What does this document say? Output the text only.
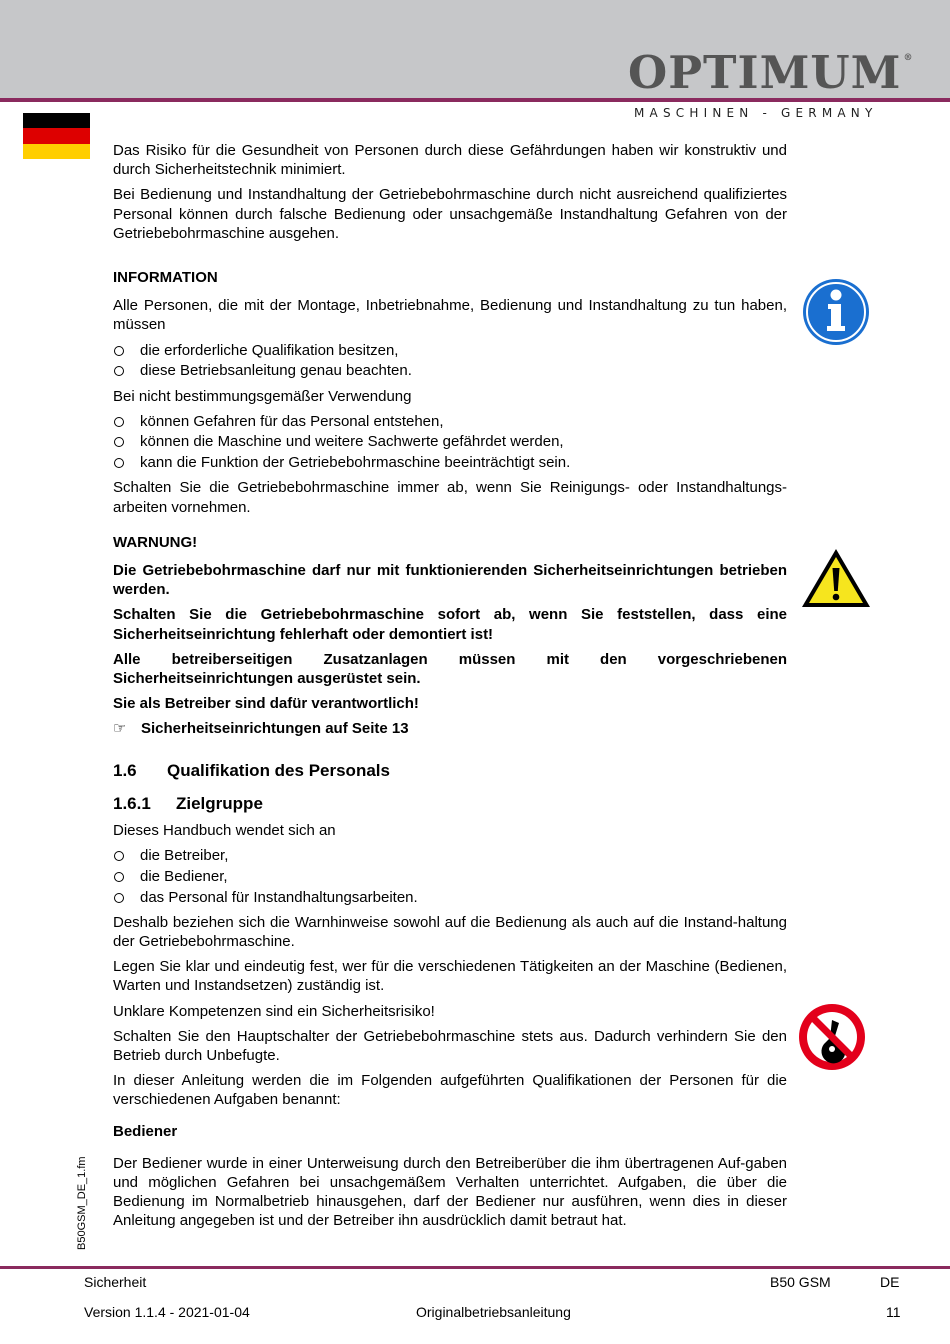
OPTIMUM ®
MASCHINEN - GERMANY

Das Risiko für die Gesundheit von Personen durch diese Gefährdungen haben wir konstruktiv und durch Sicherheitstechnik minimiert.

Bei Bedienung und Instandhaltung der Getriebebohrmaschine durch nicht ausreichend qualifiziertes Personal können durch falsche Bedienung oder unsachgemäße Instandhaltung Gefahren von der Getriebebohrmaschine ausgehen.

INFORMATION

Alle Personen, die mit der Montage, Inbetriebnahme, Bedienung und Instandhaltung zu tun haben, müssen

die erforderliche Qualifikation besitzen,
diese Betriebsanleitung genau beachten.

Bei nicht bestimmungsgemäßer Verwendung

können Gefahren für das Personal entstehen,
können die Maschine und weitere Sachwerte gefährdet werden,
kann die Funktion der Getriebebohrmaschine beeinträchtigt sein.

Schalten Sie die Getriebebohrmaschine immer ab, wenn Sie Reinigungs- oder Instandhaltungs-arbeiten vornehmen.

WARNUNG!

Die Getriebebohrmaschine darf nur mit funktionierenden Sicherheitseinrichtungen betrieben werden.

Schalten Sie die Getriebebohrmaschine sofort ab, wenn Sie feststellen, dass eine Sicherheitseinrichtung fehlerhaft oder demontiert ist!

Alle betreiberseitigen Zusatzanlagen müssen mit den vorgeschriebenen Sicherheitseinrichtungen ausgerüstet sein.

Sie als Betreiber sind dafür verantwortlich!

☞ Sicherheitseinrichtungen auf Seite 13
1.6 Qualifikation des Personals
1.6.1 Zielgruppe

Dieses Handbuch wendet sich an

die Betreiber,
die Bediener,
das Personal für Instandhaltungsarbeiten.

Deshalb beziehen sich die Warnhinweise sowohl auf die Bedienung als auch auf die Instand-haltung der Getriebebohrmaschine.

Legen Sie klar und eindeutig fest, wer für die verschiedenen Tätigkeiten an der Maschine (Bedienen, Warten und Instandsetzen) zuständig ist.

Unklare Kompetenzen sind ein Sicherheitsrisiko!

Schalten Sie den Hauptschalter der Getriebebohrmaschine stets aus. Dadurch verhindern Sie den Betrieb durch Unbefugte.

In dieser Anleitung werden die im Folgenden aufgeführten Qualifikationen der Personen für die verschiedenen Aufgaben benannt:

Bediener

Der Bediener wurde in einer Unterweisung durch den Betreiberüber die ihm übertragenen Auf-gaben und möglichen Gefahren bei unsachgemäßem Verhalten unterrichtet. Aufgaben, die über die Bedienung im Normalbetrieb hinausgehen, darf der Bediener nur ausführen, wenn dies in dieser Anleitung angegeben ist und der Betreiber ihn ausdrücklich damit betraut hat.

B50GSM_DE_1.fm
Sicherheit	B50 GSM	DE
Version 1.1.4 - 2021-01-04	Originalbetriebsanleitung	11
